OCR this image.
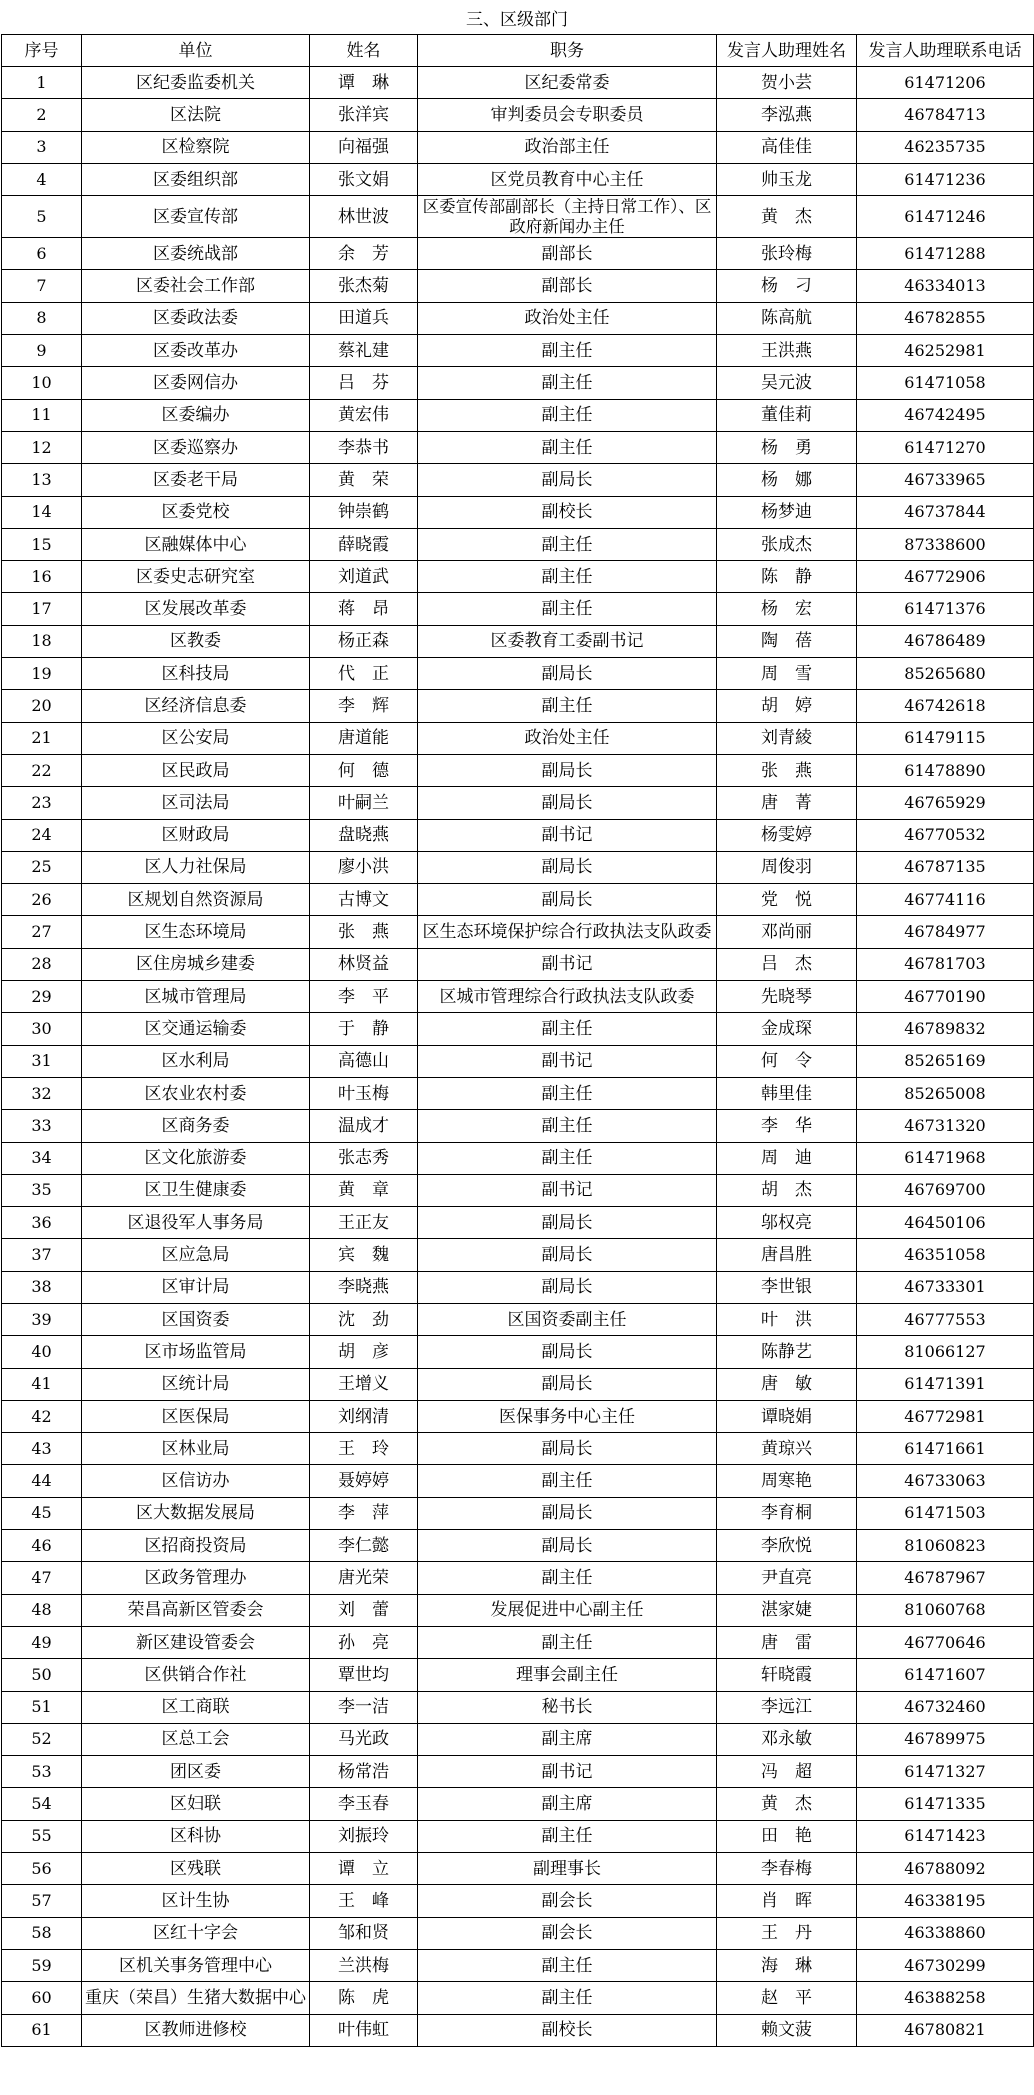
三、区级部门
序号	单位	姓名	职务	发言人助理姓名	发言人助理联系电话
1	区纪委监委机关	谭　琳	区纪委常委	贺小芸	61471206
2	区法院	张洋宾	审判委员会专职委员	李泓燕	46784713
3	区检察院	向福强	政治部主任	高佳佳	46235735
4	区委组织部	张文娟	区党员教育中心主任	帅玉龙	61471236
5	区委宣传部	林世波	区委宣传部副部长（主持日常工作）、区政府新闻办主任	黄　杰	61471246
6	区委统战部	余　芳	副部长	张玲梅	61471288
7	区委社会工作部	张杰菊	副部长	杨　刁	46334013
8	区委政法委	田道兵	政治处主任	陈高航	46782855
9	区委改革办	蔡礼建	副主任	王洪燕	46252981
10	区委网信办	吕　芬	副主任	吴元波	61471058
11	区委编办	黄宏伟	副主任	董佳莉	46742495
12	区委巡察办	李恭书	副主任	杨　勇	61471270
13	区委老干局	黄　荣	副局长	杨　娜	46733965
14	区委党校	钟崇鹤	副校长	杨梦迪	46737844
15	区融媒体中心	薛晓霞	副主任	张成杰	87338600
16	区委史志研究室	刘道武	副主任	陈　静	46772906
17	区发展改革委	蒋　昂	副主任	杨　宏	61471376
18	区教委	杨正森	区委教育工委副书记	陶　蓓	46786489
19	区科技局	代　正	副局长	周　雪	85265680
20	区经济信息委	李　辉	副主任	胡　婷	46742618
21	区公安局	唐道能	政治处主任	刘青綾	61479115
22	区民政局	何　德	副局长	张　燕	61478890
23	区司法局	叶嗣兰	副局长	唐　菁	46765929
24	区财政局	盘晓燕	副书记	杨雯婷	46770532
25	区人力社保局	廖小洪	副局长	周俊羽	46787135
26	区规划自然资源局	古博文	副局长	党　悦	46774116
27	区生态环境局	张　燕	区生态环境保护综合行政执法支队政委	邓尚丽	46784977
28	区住房城乡建委	林贤益	副书记	吕　杰	46781703
29	区城市管理局	李　平	区城市管理综合行政执法支队政委	先晓琴	46770190
30	区交通运输委	于　静	副主任	金成琛	46789832
31	区水利局	高德山	副书记	何　令	85265169
32	区农业农村委	叶玉梅	副主任	韩里佳	85265008
33	区商务委	温成才	副主任	李　华	46731320
34	区文化旅游委	张志秀	副主任	周　迪	61471968
35	区卫生健康委	黄　章	副书记	胡　杰	46769700
36	区退役军人事务局	王正友	副局长	邬权亮	46450106
37	区应急局	宾　魏	副局长	唐昌胜	46351058
38	区审计局	李晓燕	副局长	李世银	46733301
39	区国资委	沈　劲	区国资委副主任	叶　洪	46777553
40	区市场监管局	胡　彦	副局长	陈静艺	81066127
41	区统计局	王增义	副局长	唐　敏	61471391
42	区医保局	刘纲清	医保事务中心主任	谭晓娟	46772981
43	区林业局	王　玲	副局长	黄琼兴	61471661
44	区信访办	聂婷婷	副主任	周寒艳	46733063
45	区大数据发展局	李　萍	副局长	李育桐	61471503
46	区招商投资局	李仁懿	副局长	李欣悦	81060823
47	区政务管理办	唐光荣	副主任	尹直亮	46787967
48	荣昌高新区管委会	刘　蕾	发展促进中心副主任	湛家婕	81060768
49	新区建设管委会	孙　亮	副主任	唐　雷	46770646
50	区供销合作社	覃世均	理事会副主任	轩晓霞	61471607
51	区工商联	李一洁	秘书长	李远江	46732460
52	区总工会	马光政	副主席	邓永敏	46789975
53	团区委	杨常浩	副书记	冯　超	61471327
54	区妇联	李玉春	副主席	黄　杰	61471335
55	区科协	刘振玲	副主任	田　艳	61471423
56	区残联	谭　立	副理事长	李春梅	46788092
57	区计生协	王　峰	副会长	肖　晖	46338195
58	区红十字会	邹和贤	副会长	王　丹	46338860
59	区机关事务管理中心	兰洪梅	副主任	海　琳	46730299
60	重庆（荣昌）生猪大数据中心	陈　虎	副主任	赵　平	46388258
61	区教师进修校	叶伟虹	副校长	赖文菠	46780821
